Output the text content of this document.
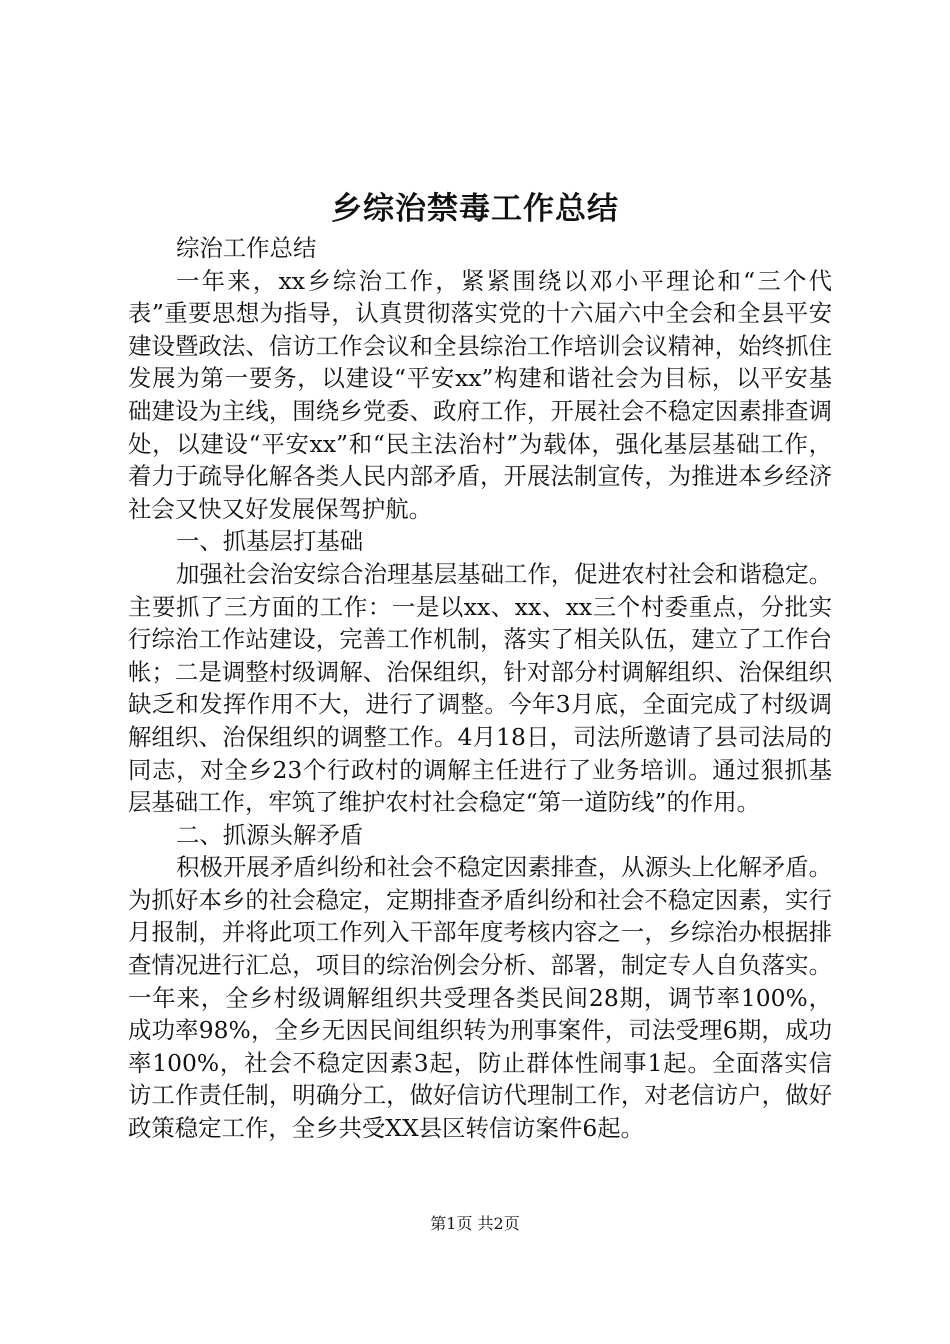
乡综治禁毒工作总结

综治工作总结

一年来，xx乡综治工作，紧紧围绕以邓小平理论和“三个代表”重要思想为指导，认真贯彻落实党的十六届六中全会和全县平安建设暨政法、信访工作会议和全县综治工作培训会议精神，始终抓住发展为第一要务，以建设“平安xx”构建和谐社会为目标，以平安基础建设为主线，围绕乡党委、政府工作，开展社会不稳定因素排查调处，以建设“平安xx”和“民主法治村”为载体，强化基层基础工作，着力于疏导化解各类人民内部矛盾，开展法制宣传，为推进本乡经济社会又快又好发展保驾护航。

一、抓基层打基础

加强社会治安综合治理基层基础工作，促进农村社会和谐稳定。主要抓了三方面的工作：一是以xx、xx、xx三个村委重点，分批实行综治工作站建设，完善工作机制，落实了相关队伍，建立了工作台帐；二是调整村级调解、治保组织，针对部分村调解组织、治保组织缺乏和发挥作用不大，进行了调整。今年3月底，全面完成了村级调解组织、治保组织的调整工作。4月18日，司法所邀请了县司法局的同志，对全乡23个行政村的调解主任进行了业务培训。通过狠抓基层基础工作，牢筑了维护农村社会稳定“第一道防线”的作用。

二、抓源头解矛盾

积极开展矛盾纠纷和社会不稳定因素排查，从源头上化解矛盾。为抓好本乡的社会稳定，定期排查矛盾纠纷和社会不稳定因素，实行月报制，并将此项工作列入干部年度考核内容之一，乡综治办根据排查情况进行汇总，项目的综治例会分析、部署，制定专人自负落实。一年来，全乡村级调解组织共受理各类民间28期，调节率100%，成功率98%，全乡无因民间组织转为刑事案件，司法受理6期，成功率100%，社会不稳定因素3起，防止群体性闹事1起。全面落实信访工作责任制，明确分工，做好信访代理制工作，对老信访户，做好政策稳定工作，全乡共受XX县区转信访案件6起。

第1页 共2页
